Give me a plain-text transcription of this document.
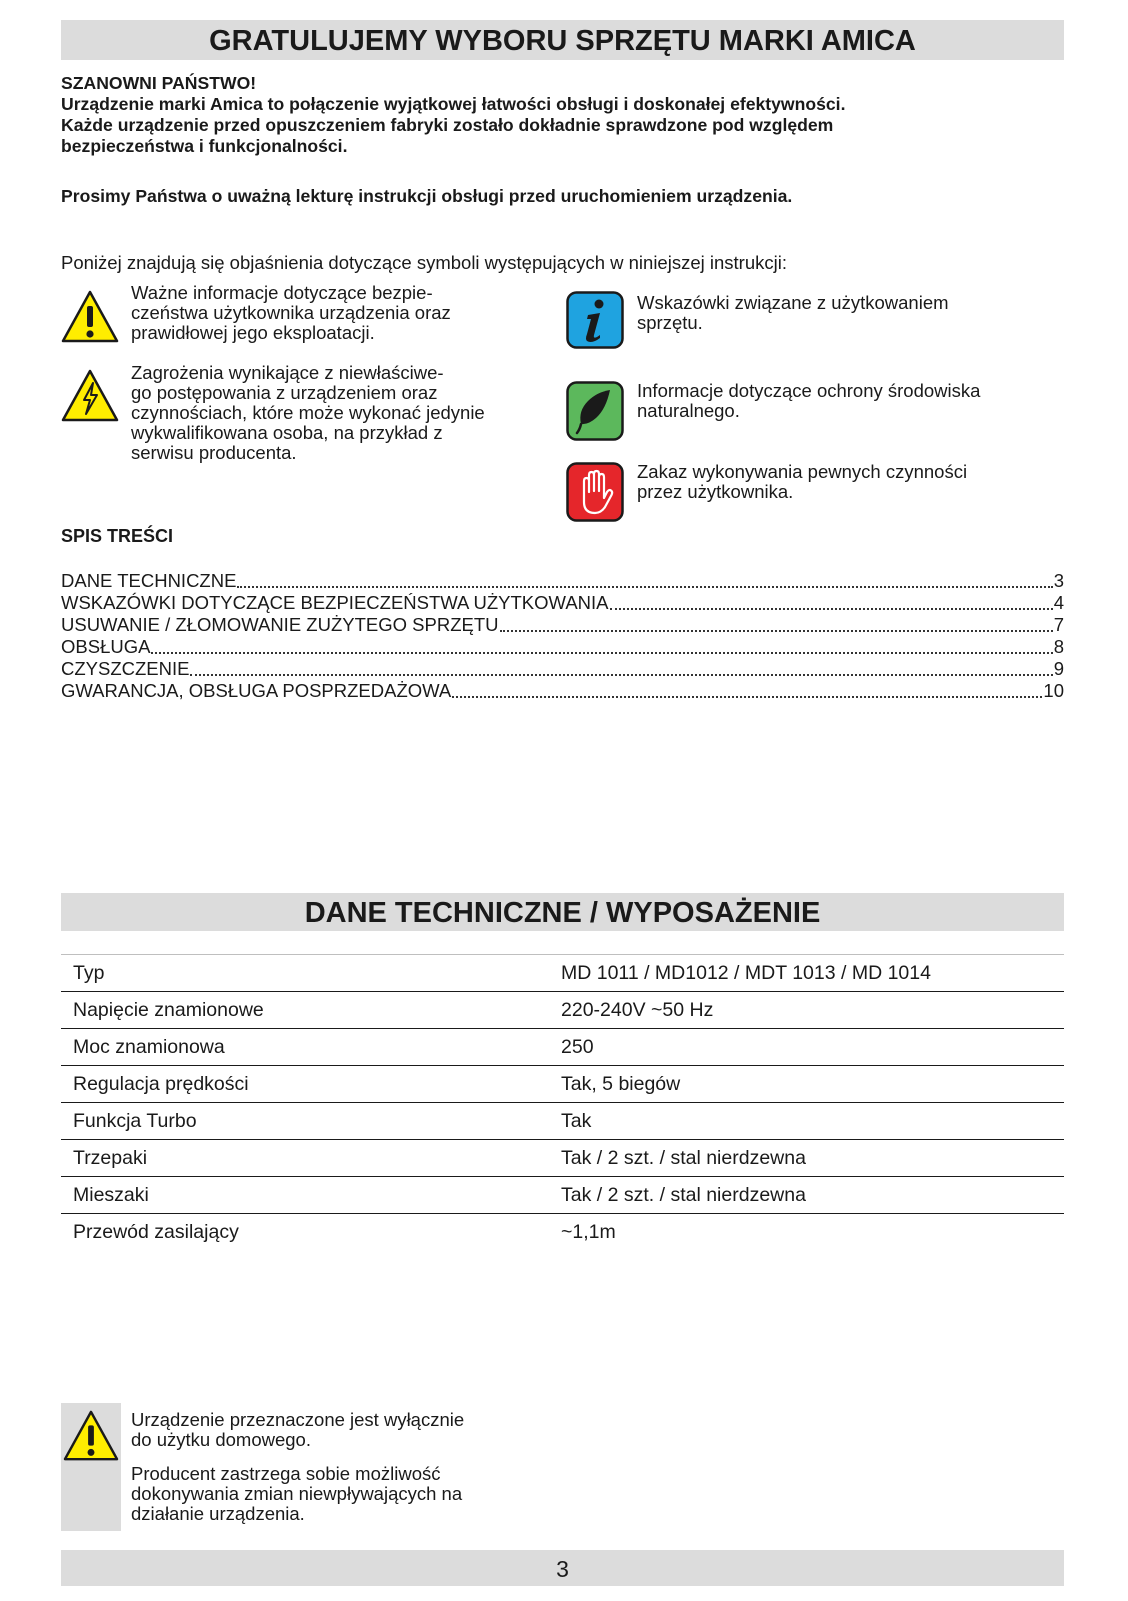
GRATULUJEMY WYBORU SPRZĘTU MARKI AMICA

SZANOWNI PAŃSTWO!

Urządzenie marki Amica to połączenie wyjątkowej łatwości obsługi i doskonałej efektywności.

Każde urządzenie przed opuszczeniem fabryki zostało dokładnie sprawdzone pod względem

bezpieczeństwa i funkcjonalności.

Prosimy Państwa o uważną lekturę instrukcji obsługi przed uruchomieniem urządzenia.
Poniżej znajdują się objaśnienia dotyczące symboli występujących w niniejszej instrukcji:
Ważne informacje dotyczące bezpie-
czeństwa użytkownika urządzenia oraz
prawidłowej jego eksploatacji.
Zagrożenia wynikające z niewłaściwe-
go postępowania z urządzeniem oraz
czynnościach, które może wykonać jedynie
wykwalifikowana osoba, na przykład z
serwisu producenta.
Wskazówki związane z użytkowaniem
sprzętu.
Informacje dotyczące ochrony środowiska
naturalnego.
Zakaz wykonywania pewnych czynności
przez użytkownika.
SPIS TREŚCI
DANE TECHNICZNE	3
WSKAZÓWKI DOTYCZĄCE BEZPIECZEŃSTWA UŻYTKOWANIA	4
USUWANIE / ZŁOMOWANIE ZUŻYTEGO SPRZĘTU	7
OBSŁUGA	8
CZYSZCZENIE	9
GWARANCJA, OBSŁUGA POSPRZEDAŻOWA	10
DANE TECHNICZNE / WYPOSAŻENIE
Typ	MD 1011 / MD1012 / MDT 1013 / MD 1014
Napięcie znamionowe	220-240V ~50 Hz
Moc znamionowa	250
Regulacja prędkości	Tak, 5 biegów
Funkcja Turbo	Tak
Trzepaki	Tak / 2 szt. / stal nierdzewna
Mieszaki	Tak / 2 szt. / stal nierdzewna
Przewód zasilający	~1,1m

Urządzenie przeznaczone jest wyłącznie
do użytku domowego.

Producent zastrzega sobie możliwość
dokonywania zmian niewpływających na
działanie urządzenia.

3
